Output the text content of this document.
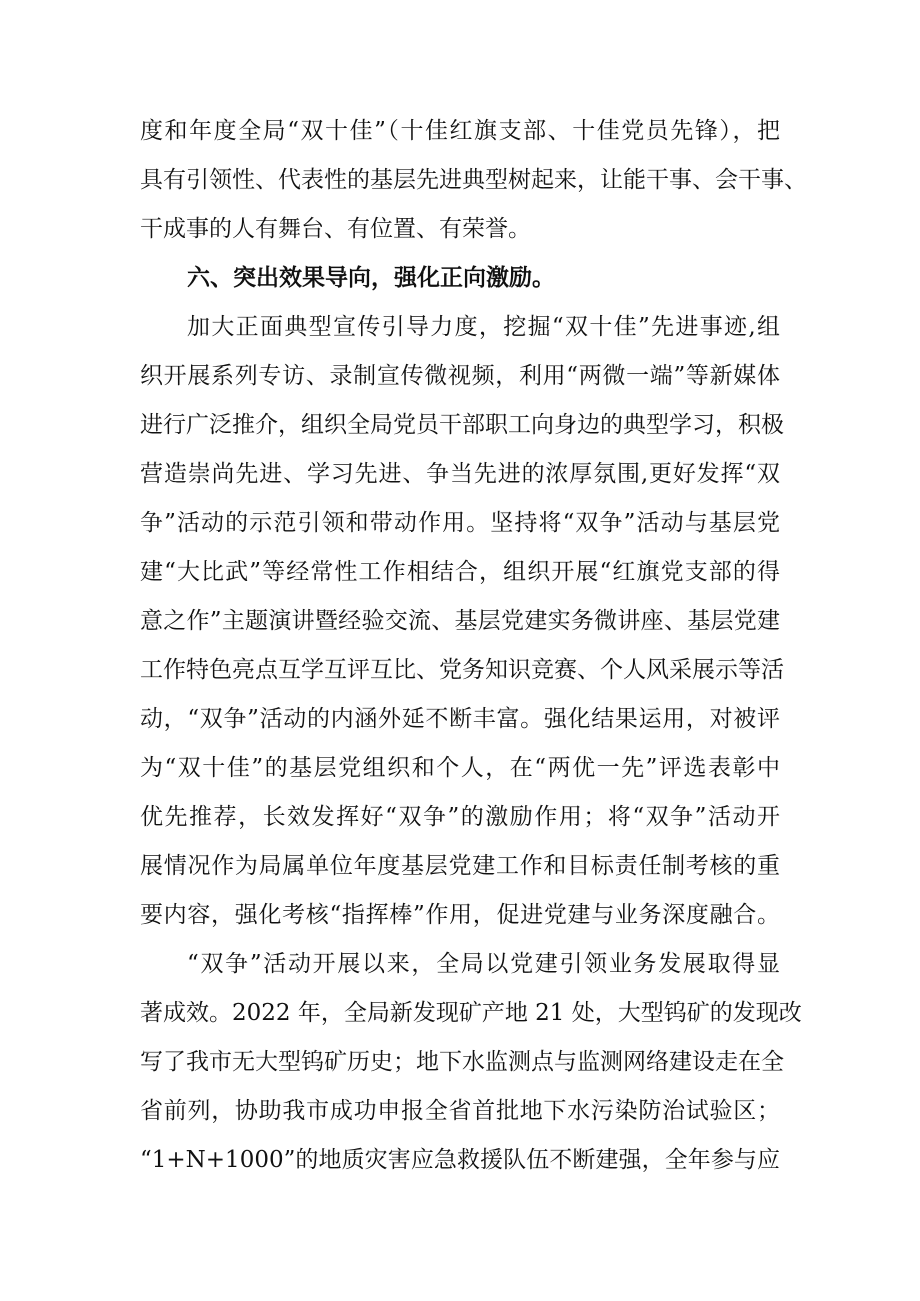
度和年度全局“双十佳”（十佳红旗支部、十佳党员先锋），把
具有引领性、代表性的基层先进典型树起来，让能干事、会干事、
干成事的人有舞台、有位置、有荣誉。
六、突出效果导向，强化正向激励。
加大正面典型宣传引导力度，挖掘“双十佳”先进事迹,组
织开展系列专访、录制宣传微视频，利用“两微一端”等新媒体
进行广泛推介，组织全局党员干部职工向身边的典型学习，积极
营造崇尚先进、学习先进、争当先进的浓厚氛围,更好发挥“双
争”活动的示范引领和带动作用。坚持将“双争”活动与基层党
建“大比武”等经常性工作相结合，组织开展“红旗党支部的得
意之作”主题演讲暨经验交流、基层党建实务微讲座、基层党建
工作特色亮点互学互评互比、党务知识竞赛、个人风采展示等活
动，“双争”活动的内涵外延不断丰富。强化结果运用，对被评
为“双十佳”的基层党组织和个人，在“两优一先”评选表彰中
优先推荐，长效发挥好“双争”的激励作用；将“双争”活动开
展情况作为局属单位年度基层党建工作和目标责任制考核的重
要内容，强化考核“指挥棒”作用，促进党建与业务深度融合。
“双争”活动开展以来，全局以党建引领业务发展取得显
著成效。2022 年，全局新发现矿产地 21 处，大型钨矿的发现改
写了我市无大型钨矿历史；地下水监测点与监测网络建设走在全
省前列，协助我市成功申报全省首批地下水污染防治试验区；
“1+N+1000”的地质灾害应急救援队伍不断建强，全年参与应
